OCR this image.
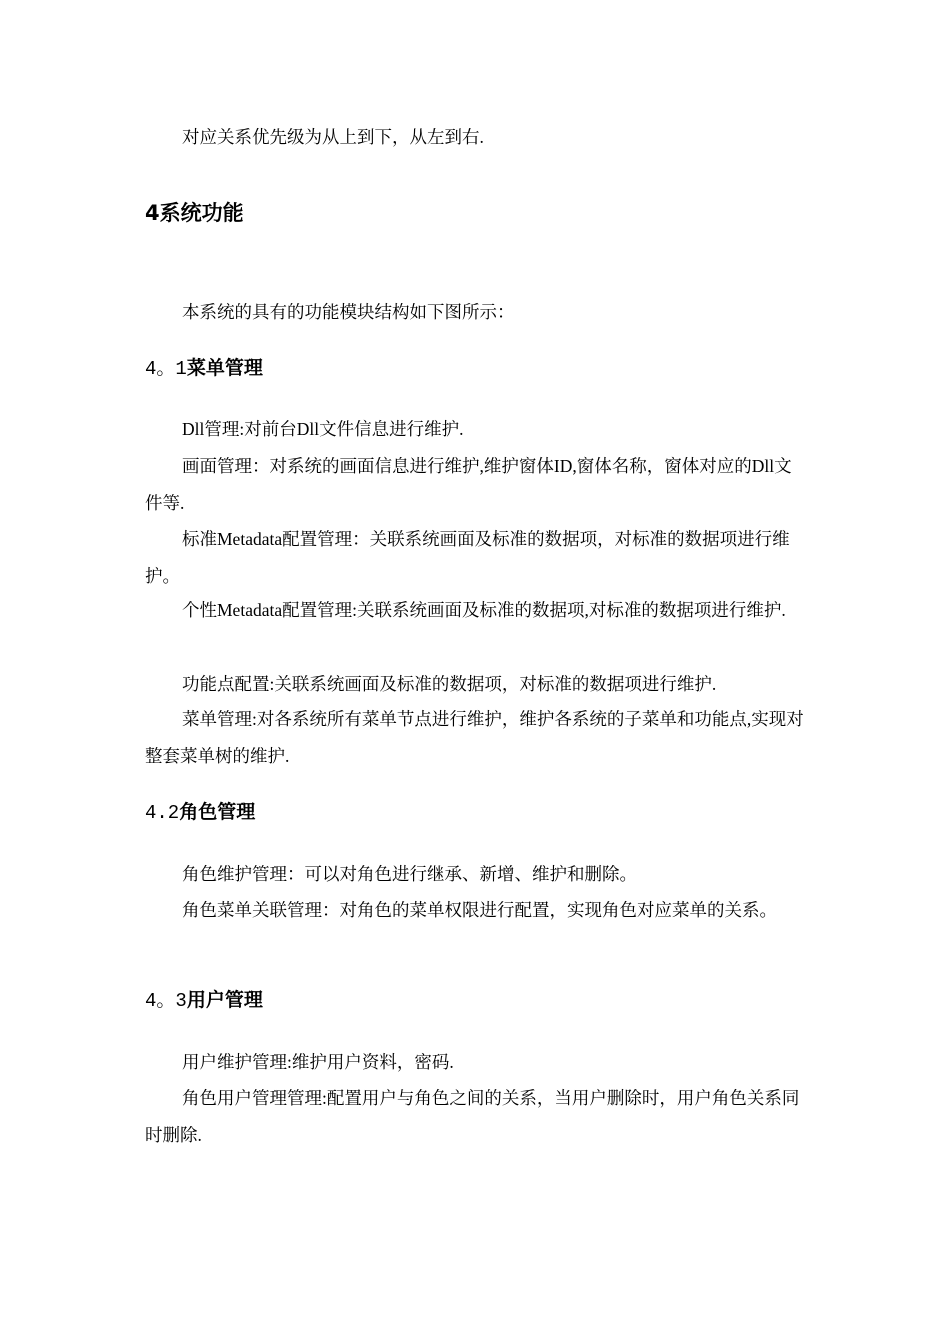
对应关系优先级为从上到下，从左到右.

4系统功能

本系统的具有的功能模块结构如下图所示：

4。1菜单管理

Dll管理:对前台Dll文件信息进行维护.

画面管理：对系统的画面信息进行维护,维护窗体ID,窗体名称，窗体对应的Dll文件等.

标准Metadata配置管理：关联系统画面及标准的数据项，对标准的数据项进行维护。

个性Metadata配置管理:关联系统画面及标准的数据项,对标准的数据项进行维护.

功能点配置:关联系统画面及标准的数据项，对标准的数据项进行维护.

菜单管理:对各系统所有菜单节点进行维护，维护各系统的子菜单和功能点,实现对整套菜单树的维护.

4.2角色管理

角色维护管理：可以对角色进行继承、新增、维护和删除。

角色菜单关联管理：对角色的菜单权限进行配置，实现角色对应菜单的关系。

4。3用户管理

用户维护管理:维护用户资料，密码.

角色用户管理管理:配置用户与角色之间的关系，当用户删除时，用户角色关系同时删除.
